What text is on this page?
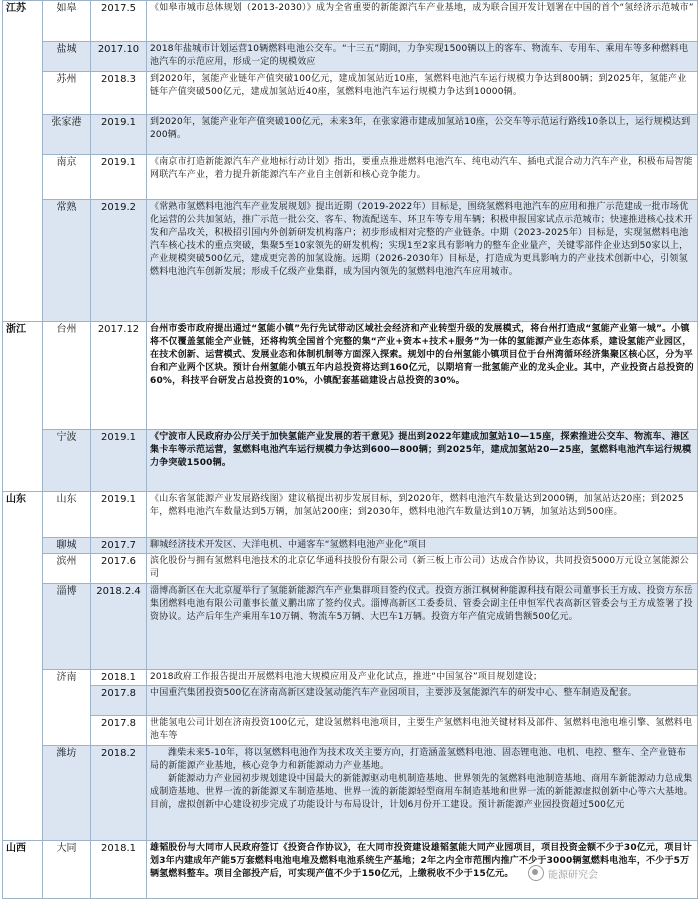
江苏	如皋	2017.5	《如皋市城市总体规划（2013-2030）》成为全省重要的新能源汽车产业基地，成为联合国开发计划署在中国的首个“氢经济示范城市”
	盐城	2017.10	2018年盐城市计划运营10辆燃料电池公交车。“十三五”期间，力争实现1500辆以上的客车、物流车、专用车、乘用车等多种燃料电池汽车的示范应用，形成一定的规模效应
	苏州	2018.3	到2020年，氢能产业链年产值突破100亿元，建成加氢站近10座，氢燃料电池汽车运行规模力争达到800辆；到2025年，氢能产业链年产值突破500亿元，建成加氢站近40座，氢燃料电池汽车运行规模力争达到10000辆。
	张家港	2019.1	到2020年，氢能产业年产值突破100亿元，未来3年，在张家港市建成加氢站10座，公交车等示范运行路线10条以上，运行规模达到200辆。
	南京	2019.1	《南京市打造新能源汽车产业地标行动计划》指出，要重点推进燃料电池汽车、纯电动汽车、插电式混合动力汽车产业，积极布局智能网联汽车产业，着力提升新能源汽车产业自主创新和核心竞争能力。
	常熟	2019.2	《常熟市氢燃料电池汽车产业发展规划》提出近期（2019-2022年）目标是，围绕氢燃料电池汽车的应用和推广示范建成一批市场优化运营的公共加氢站，推广示范一批公交、客车、物流配送车、环卫车等专用车辆；积极申报国家试点示范城市；快速推进核心技术开发和产品攻关，积极招引国内外创新研发机构落户；初步形成相对完整的产业链条。中期（2023-2025年）目标是，实现氢燃料电池汽车核心技术的重点突破，集聚5至10家领先的研发机构；实现1至2家具有影响力的整车企业量产，关键零部件企业达到50家以上，产业规模突破500亿元，建成更完善的加氢设施。远期（2026-2030年）目标是，打造成为更具影响力的产业技术创新中心，引领氢燃料电池汽车创新发展；形成千亿级产业集群，成为国内领先的氢燃料电池汽车应用城市。
浙江	台州	2017.12	台州市委市政府提出通过“氢能小镇”先行先试带动区域社会经济和产业转型升级的发展模式，将台州打造成“氢能产业第一城”。小镇将不仅覆盖氢能全产业链，还将构筑全国首个完整的集“产业+资本+技术+服务”为一体的氢能源产业生态体系，建设氢能产业园区，在技术创新、运营模式、发展业态和体制机制等方面深入探索。规划中的台州氢能小镇项目位于台州湾循环经济集聚区核心区，分为平台和产业两个区块。预计台州氢能小镇五年内总投资将达到160亿元，以期培育一批氢能产业的龙头企业。其中，产业投资占总投资的60%，科技平台研发占总投资的10%，小镇配套基础建设占总投资的30%。
	宁波	2019.1	《宁波市人民政府办公厅关于加快氢能产业发展的若干意见》提出到2022年建成加氢站10—15座，探索推进公交车、物流车、港区集卡车等示范运营，氢燃料电池汽车运行规模力争达到600—800辆；到2025年，建成加氢站20—25座，氢燃料电池汽车运行规模力争突破1500辆。
山东	山东	2019.1	《山东省氢能源产业发展路线图》建议稿提出初步发展目标，到2020年，燃料电池汽车数量达到2000辆，加氢站达20座；到2025年，燃料电池汽车数量达到5万辆，加氢站200座；到2030年，燃料电池汽车数量达到10万辆，加氢站达到500座。
	聊城	2017.7	聊城经济技术开发区、大洋电机、中通客车“氢燃料电池产业化”项目
	滨州	2017.6	滨化股份与拥有氢燃料电池技术的北京亿华通科技股份有限公司（新三板上市公司）达成合作协议，共同投资5000万元设立氢能源公司
	淄博	2018.2.4	淄博高新区在大北京厦举行了氢能新能源汽车产业集群项目签约仪式。投资方浙江枫树种能源科技有限公司董事长王方成、投资方东岳集团燃料电池有限公司董事长董义鹏出席了签约仪式。淄博高新区工委委员、管委会副主任申恒军代表高新区管委会与王方成签署了投资协议。达产后年生产乘用车10万辆、物流车5万辆、大巴车1万辆。投资方年产值完成销售额500亿元。
	济南	2018.1	2018政府工作报告提出开展燃料电池大规模应用及产业化试点，推进“中国氢谷”项目规划建设；
		2017.8	中国重汽集团投资500亿在济南高新区建设氢动能汽车产业园项目，主要涉及氢能源汽车的研发中心、整车制造及配套。
		2017.8	世能氢电公司计划在济南投资100亿元，建设氢燃料电池项目，主要生产氢燃料电池关键材料及部件、氢燃料电池电堆引擎、氢燃料电池车等
	潍坊	2018.2	潍柴未来5-10年，将以氢燃料电池作为技术攻关主要方向，打造涵盖氢燃料电池、固态锂电池、电机、电控、整车、全产业链布局的新能源产业基地，核心竞争力和新能源动力产业基地。
新能源动力产业园初步规划建设中国最大的新能源驱动电机制造基地、世界领先的氢燃料电池制造基地、商用车新能源动力总成集成制造基地、世界一流的新能源叉车制造基地、世界一流的新能源轻型商用车制造基地和世界一流的新能源虚拟创新中心等六大基地。目前，虚拟创新中心建设初步完成了功能设计与布局设计，计划6月份开工建设。预计新能源产业园投资超过500亿元

山西	大同	2018.1	雄韬股份与大同市人民政府签订《投资合作协议》，在大同市投资建设雄韬氢能大同产业园项目，项目投资金额不少于30亿元，项目计划3年内建成年产能5万套燃料电池电堆及燃料电池系统生产基地；2年之内全市范围内推广不少于3000辆氢燃料电池车，不少于5万辆氢燃料整车。项目全部投产后，可实现产值不少于150亿元，上缴税收不少于15亿元。	能源研究会
